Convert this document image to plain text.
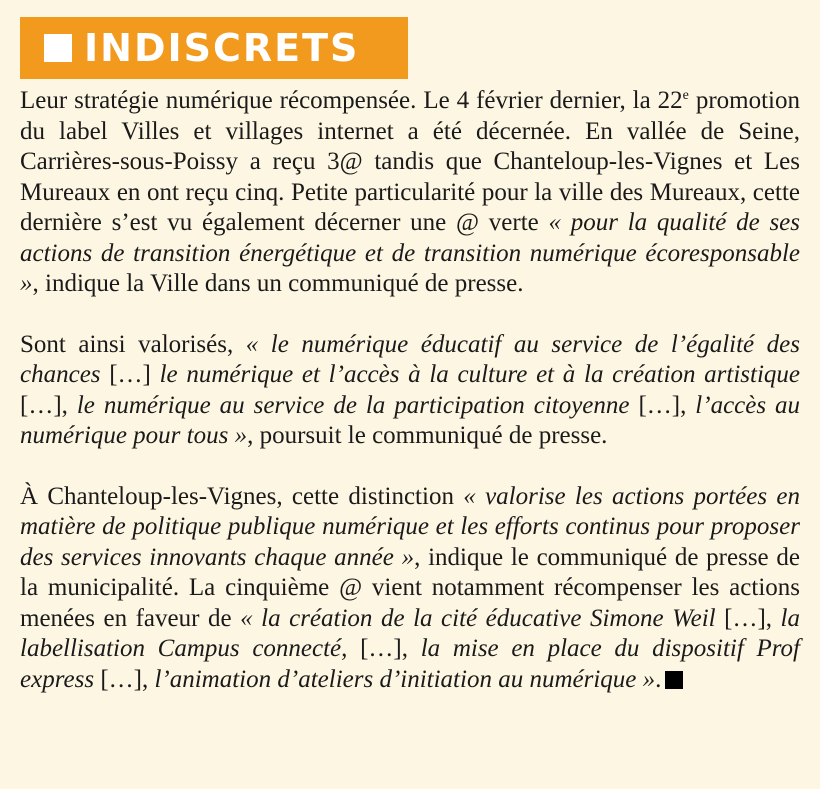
INDISCRETS

Leur stratégie numérique récompensée. Le 4 février dernier, la 22e promotion du label Villes et villages internet a été décernée. En vallée de Seine, Carrières-sous-Poissy a reçu 3@ tandis que Chanteloup-les-Vignes et Les Mureaux en ont reçu cinq. Petite particularité pour la ville des Mureaux, cette dernière s’est vu également décerner une @ verte « pour la qualité de ses actions de transition énergétique et de transition numérique écoresponsable », indique la Ville dans un communiqué de presse.

Sont ainsi valorisés, « le numérique éducatif au service de l’égalité des chances […] le numérique et l’accès à la culture et à la création artistique […], le numérique au service de la participation citoyenne […], l’accès au numérique pour tous », poursuit le communiqué de presse.

À Chanteloup-les-Vignes, cette distinction « valorise les actions portées en matière de politique publique numérique et les efforts continus pour proposer des services innovants chaque année », indique le communiqué de presse de la municipalité. La cinquième @ vient notamment récompenser les actions menées en faveur de « la création de la cité éducative Simone Weil […], la labellisation Campus connecté, […], la mise en place du dispositif Prof express […], l’animation d’ateliers d’initiation au numérique ».
